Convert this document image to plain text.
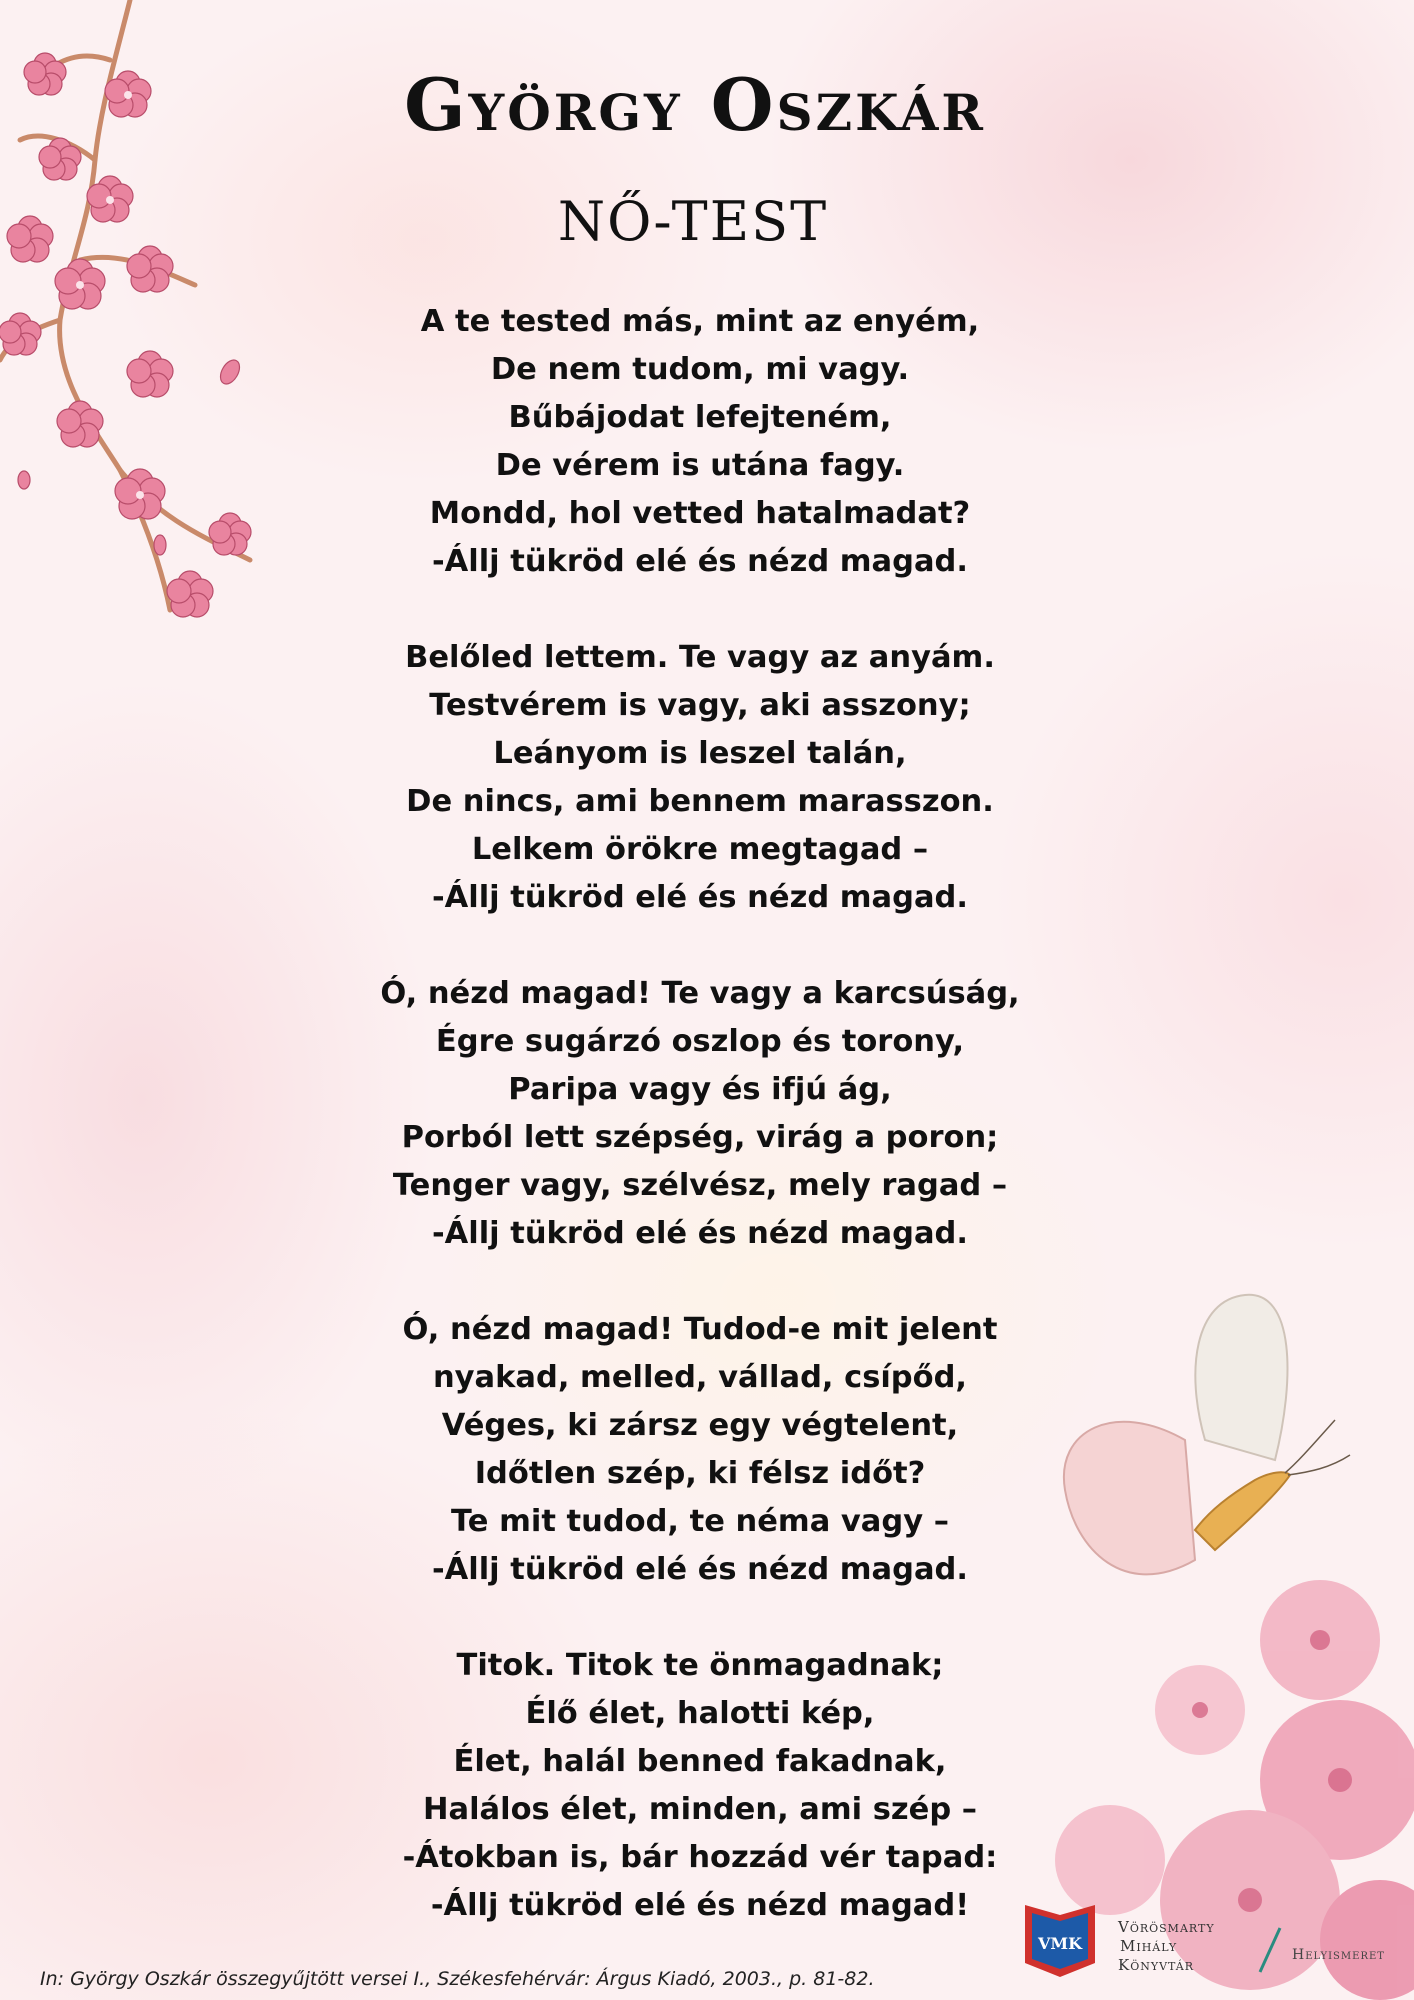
György Oszkár
NŐ-TEST
A te tested más, mint az enyém,
De nem tudom, mi vagy.
Bűbájodat lefejteném,
De vérem is utána fagy.
Mondd, hol vetted hatalmadat?
-Állj tükröd elé és nézd magad.
Belőled lettem. Te vagy az anyám.
Testvérem is vagy, aki asszony;
Leányom is leszel talán,
De nincs, ami bennem marasszon.
Lelkem örökre megtagad –
-Állj tükröd elé és nézd magad.
Ó, nézd magad! Te vagy a karcsúság,
Égre sugárzó oszlop és torony,
Paripa vagy és ifjú ág,
Porból lett szépség, virág a poron;
Tenger vagy, szélvész, mely ragad –
-Állj tükröd elé és nézd magad.
Ó, nézd magad! Tudod-e mit jelent
nyakad, melled, vállad, csípőd,
Véges, ki zársz egy végtelent,
Időtlen szép, ki félsz időt?
Te mit tudod, te néma vagy –
-Állj tükröd elé és nézd magad.
Titok. Titok te önmagadnak;
Élő élet, halotti kép,
Élet, halál benned fakadnak,
Halálos élet, minden, ami szép –
-Átokban is, bár hozzád vér tapad:
-Állj tükröd elé és nézd magad!
In: György Oszkár összegyűjtött versei I., Székesfehérvár: Árgus Kiadó, 2003., p. 81-82.
VMK
Vörösmarty
Mihály
Könyvtár
Helyismeret
